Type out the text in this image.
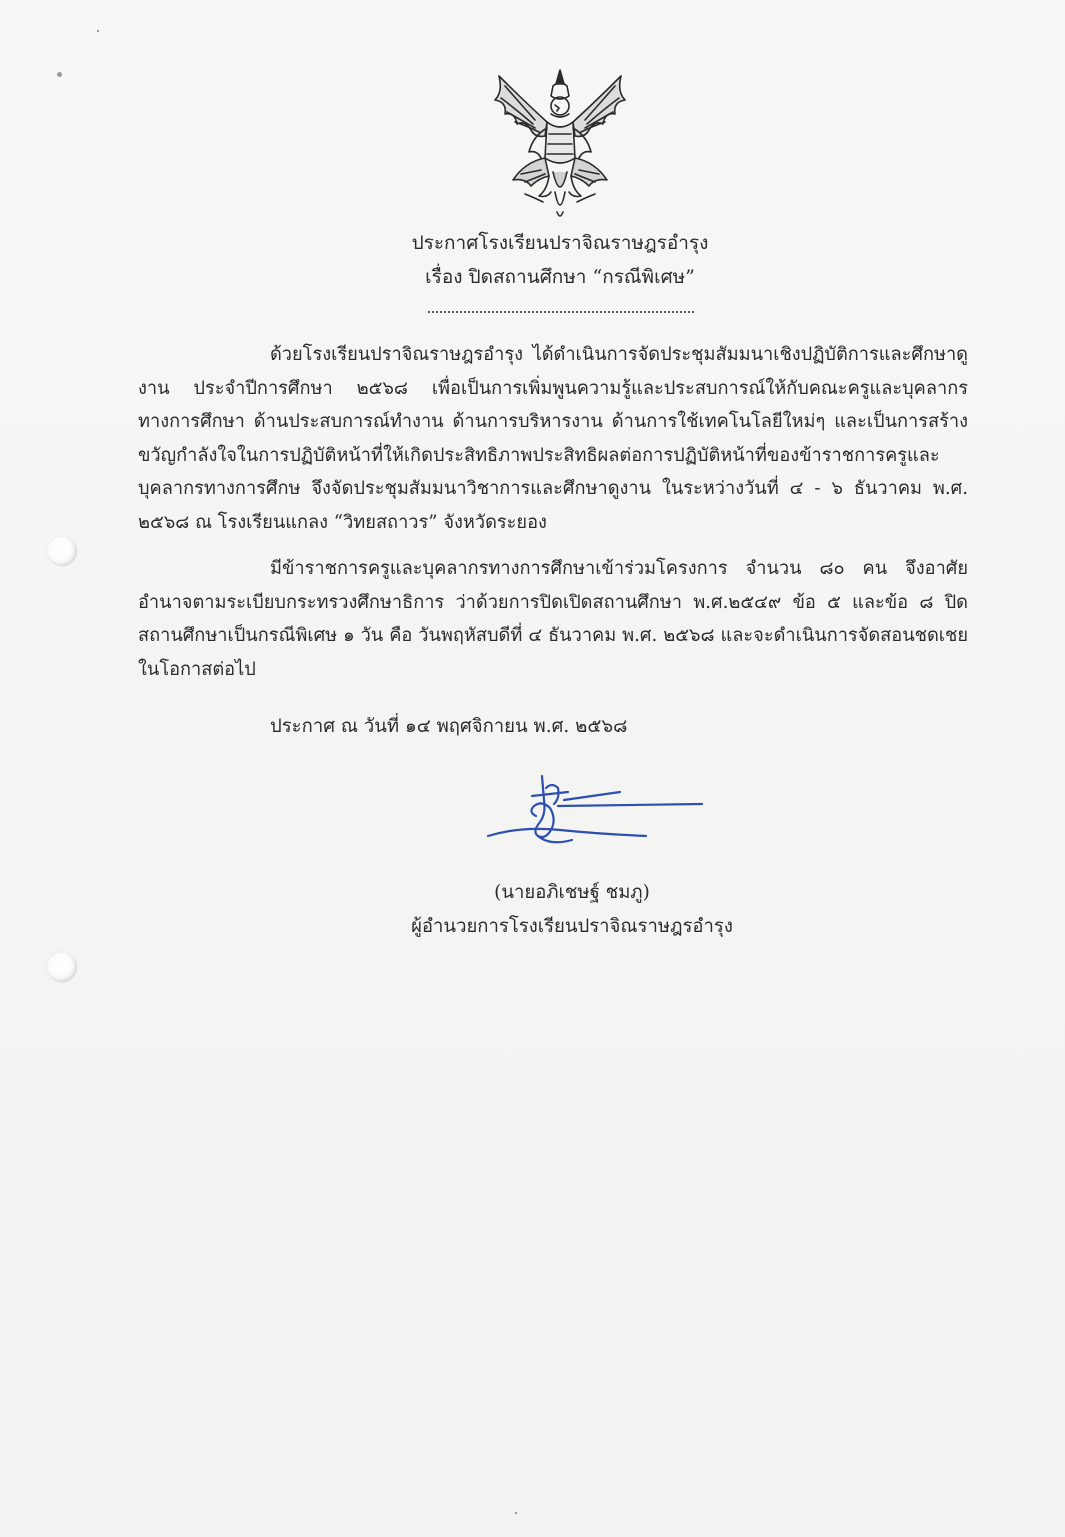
ประกาศโรงเรียนปราจิณราษฎรอำรุง
เรื่อง ปิดสถานศึกษา “กรณีพิเศษ”
ด้วยโรงเรียนปราจิณราษฎรอำรุง ได้ดำเนินการจัดประชุมสัมมนาเชิงปฏิบัติการและศึกษาดูงาน ประจำปีการศึกษา ๒๕๖๘ เพื่อเป็นการเพิ่มพูนความรู้และประสบการณ์ให้กับคณะครูและบุคลากรทางการศึกษา ด้านประสบการณ์ทำงาน ด้านการบริหารงาน ด้านการใช้เทคโนโลยีใหม่ๆ และเป็นการสร้างขวัญกำลังใจในการปฏิบัติหน้าที่ให้เกิดประสิทธิภาพประสิทธิผลต่อการปฏิบัติหน้าที่ของข้าราชการครูและบุคลากรทางการศึกษ จึงจัดประชุมสัมมนาวิชาการและศึกษาดูงาน ในระหว่างวันที่ ๔ - ๖ ธันวาคม พ.ศ. ๒๕๖๘ ณ โรงเรียนแกลง “วิทยสถาวร” จังหวัดระยอง
มีข้าราชการครูและบุคลากรทางการศึกษาเข้าร่วมโครงการ จำนวน ๘๐ คน จึงอาศัยอำนาจตามระเบียบกระทรวงศึกษาธิการ ว่าด้วยการปิดเปิดสถานศึกษา พ.ศ.๒๕๔๙ ข้อ ๕ และข้อ ๘ ปิดสถานศึกษาเป็นกรณีพิเศษ ๑ วัน คือ วันพฤหัสบดีที่ ๔ ธันวาคม พ.ศ. ๒๕๖๘ และจะดำเนินการจัดสอนชดเชยในโอกาสต่อไป
ประกาศ ณ วันที่ ๑๔ พฤศจิกายน พ.ศ. ๒๕๖๘
(นายอภิเชษฐ์ ชมภู)
ผู้อำนวยการโรงเรียนปราจิณราษฎรอำรุง
